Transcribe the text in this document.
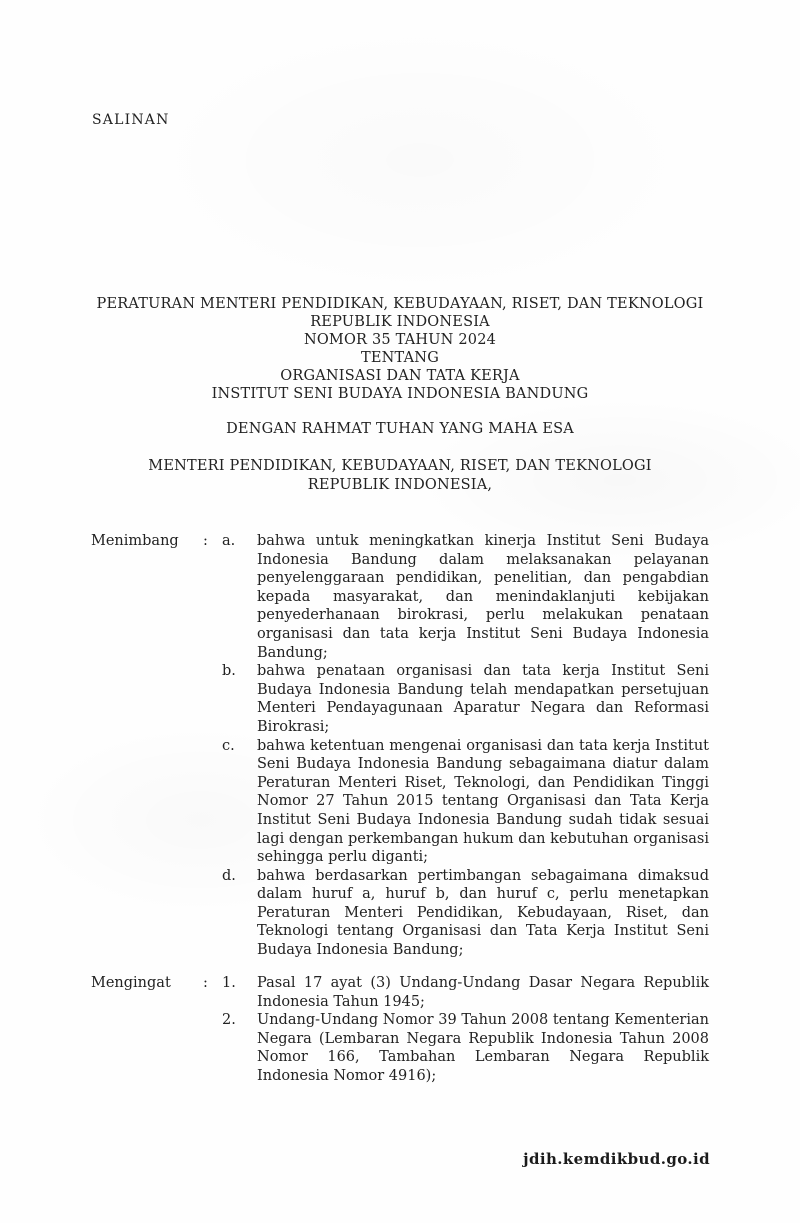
SALINAN
PERATURAN MENTERI PENDIDIKAN, KEBUDAYAAN, RISET, DAN TEKNOLOGI
REPUBLIK INDONESIA
NOMOR 35 TAHUN 2024
TENTANG
ORGANISASI DAN TATA KERJA
INSTITUT SENI BUDAYA INDONESIA BANDUNG
DENGAN RAHMAT TUHAN YANG MAHA ESA
MENTERI PENDIDIKAN, KEBUDAYAAN, RISET, DAN TEKNOLOGI
REPUBLIK INDONESIA,
Menimbang	: a.	bahwa untuk meningkatkan kinerja Institut Seni Budaya Indonesia Bandung dalam melaksanakan pelayanan penyelenggaraan pendidikan, penelitian, dan pengabdian kepada masyarakat, dan menindaklanjuti kebijakan penyederhanaan birokrasi, perlu melakukan penataan organisasi dan tata kerja Institut Seni Budaya Indonesia Bandung;
b.	bahwa penataan organisasi dan tata kerja Institut Seni Budaya Indonesia Bandung telah mendapatkan persetujuan Menteri Pendayagunaan Aparatur Negara dan Reformasi Birokrasi;
c.	bahwa ketentuan mengenai organisasi dan tata kerja Institut Seni Budaya Indonesia Bandung sebagaimana diatur dalam Peraturan Menteri Riset, Teknologi, dan Pendidikan Tinggi Nomor 27 Tahun 2015 tentang Organisasi dan Tata Kerja Institut Seni Budaya Indonesia Bandung sudah tidak sesuai lagi dengan perkembangan hukum dan kebutuhan organisasi sehingga perlu diganti;
d.	bahwa berdasarkan pertimbangan sebagaimana dimaksud dalam huruf a, huruf b, dan huruf c, perlu menetapkan Peraturan Menteri Pendidikan, Kebudayaan, Riset, dan Teknologi tentang Organisasi dan Tata Kerja Institut Seni Budaya Indonesia Bandung;
Mengingat	: 1.	Pasal 17 ayat (3) Undang-Undang Dasar Negara Republik Indonesia Tahun 1945;
2.	Undang-Undang Nomor 39 Tahun 2008 tentang Kementerian Negara (Lembaran Negara Republik Indonesia Tahun 2008 Nomor 166, Tambahan Lembaran Negara Republik Indonesia Nomor 4916);
jdih.kemdikbud.go.id
